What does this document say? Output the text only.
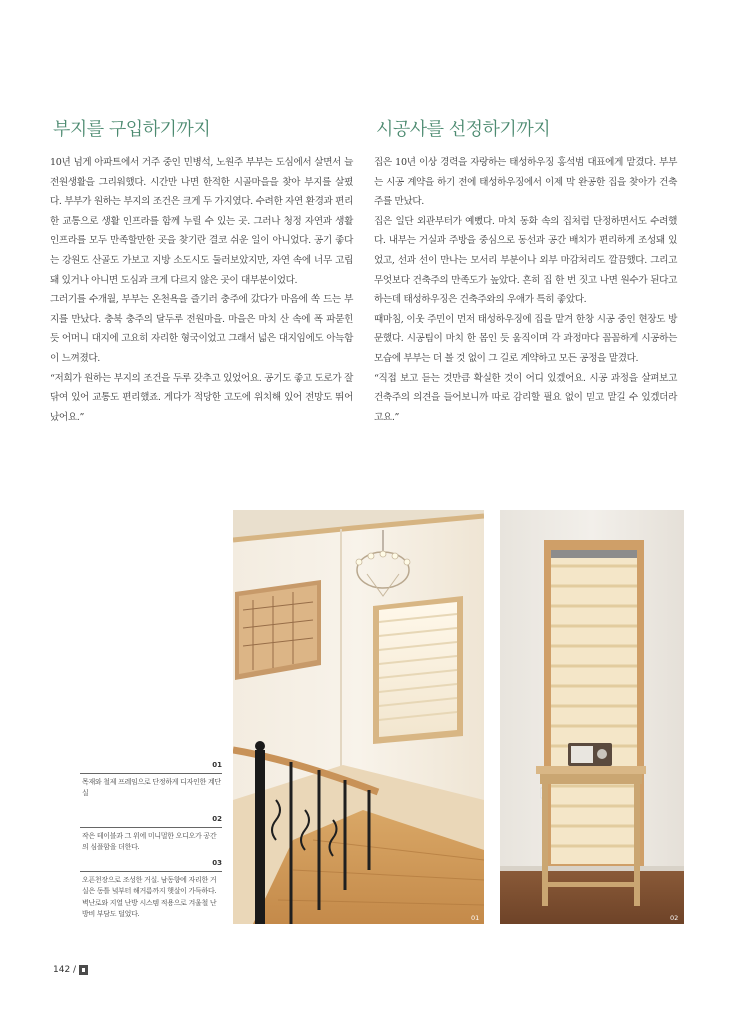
부지를 구입하기까지	시공사를 선정하기까지

10년 넘게 아파트에서 거주 중인 민병석, 노원주 부부는 도심에서 살면서 늘 전원생활을 그리워했다. 시간만 나면 한적한 시골마을을 찾아 부지를 살폈다. 부부가 원하는 부지의 조건은 크게 두 가지였다. 수려한 자연 환경과 편리한 교통으로 생활 인프라를 함께 누릴 수 있는 곳. 그러나 청정 자연과 생활 인프라를 모두 만족할만한 곳을 찾기란 결코 쉬운 일이 아니었다. 공기 좋다는 강원도 산골도 가보고 지방 소도시도 둘러보았지만, 자연 속에 너무 고립돼 있거나 아니면 도심과 크게 다르지 않은 곳이 대부분이었다.

그러기를 수개월, 부부는 온천욕을 즐기러 충주에 갔다가 마음에 쏙 드는 부지를 만났다. 충북 충주의 달두루 전원마을. 마을은 마치 산 속에 폭 파묻힌 듯 어머니 대지에 고요히 자리한 형국이었고 그래서 넓은 대지임에도 아늑함이 느껴졌다.

“저희가 원하는 부지의 조건을 두루 갖추고 있었어요. 공기도 좋고 도로가 잘 닦여 있어 교통도 편리했죠. 게다가 적당한 고도에 위치해 있어 전망도 뛰어났어요.”

집은 10년 이상 경력을 자랑하는 태성하우징 홍석범 대표에게 맡겼다. 부부는 시공 계약을 하기 전에 태성하우징에서 이제 막 완공한 집을 찾아가 건축주를 만났다.

집은 일단 외관부터가 예뻤다. 마치 동화 속의 집처럼 단정하면서도 수려했다. 내부는 거실과 주방을 중심으로 동선과 공간 배치가 편리하게 조성돼 있었고, 선과 선이 만나는 모서리 부분이나 외부 마감처리도 깔끔했다. 그리고 무엇보다 건축주의 만족도가 높았다. 흔히 집 한 번 짓고 나면 원수가 된다고 하는데 태성하우징은 건축주와의 우애가 특히 좋았다.

때마침, 이웃 주민이 먼저 태성하우징에 집을 맡겨 한창 시공 중인 현장도 방문했다. 시공팀이 마치 한 몸인 듯 움직이며 각 과정마다 꼼꼼하게 시공하는 모습에 부부는 더 볼 것 없이 그 길로 계약하고 모든 공정을 맡겼다.

“직접 보고 듣는 것만큼 확실한 것이 어디 있겠어요. 시공 과정을 살펴보고 건축주의 의견을 들어보니까 따로 감리할 필요 없이 믿고 맡길 수 있겠더라고요.”

01
목재와 철제 프레임으로 단정하게 디자인한 계단실
02
작은 테이블과 그 위에 미니멀한 오디오가 공간의 심플함을 더한다.
03
오픈천장으로 조성한 거실. 남동향에 자리한 거실은 동틀 녘부터 해거름까지 햇살이 가득하다. 벽난로와 지열 난방 시스템 적용으로 겨울철 난방비 부담도 덜었다.	01	02
142 /
